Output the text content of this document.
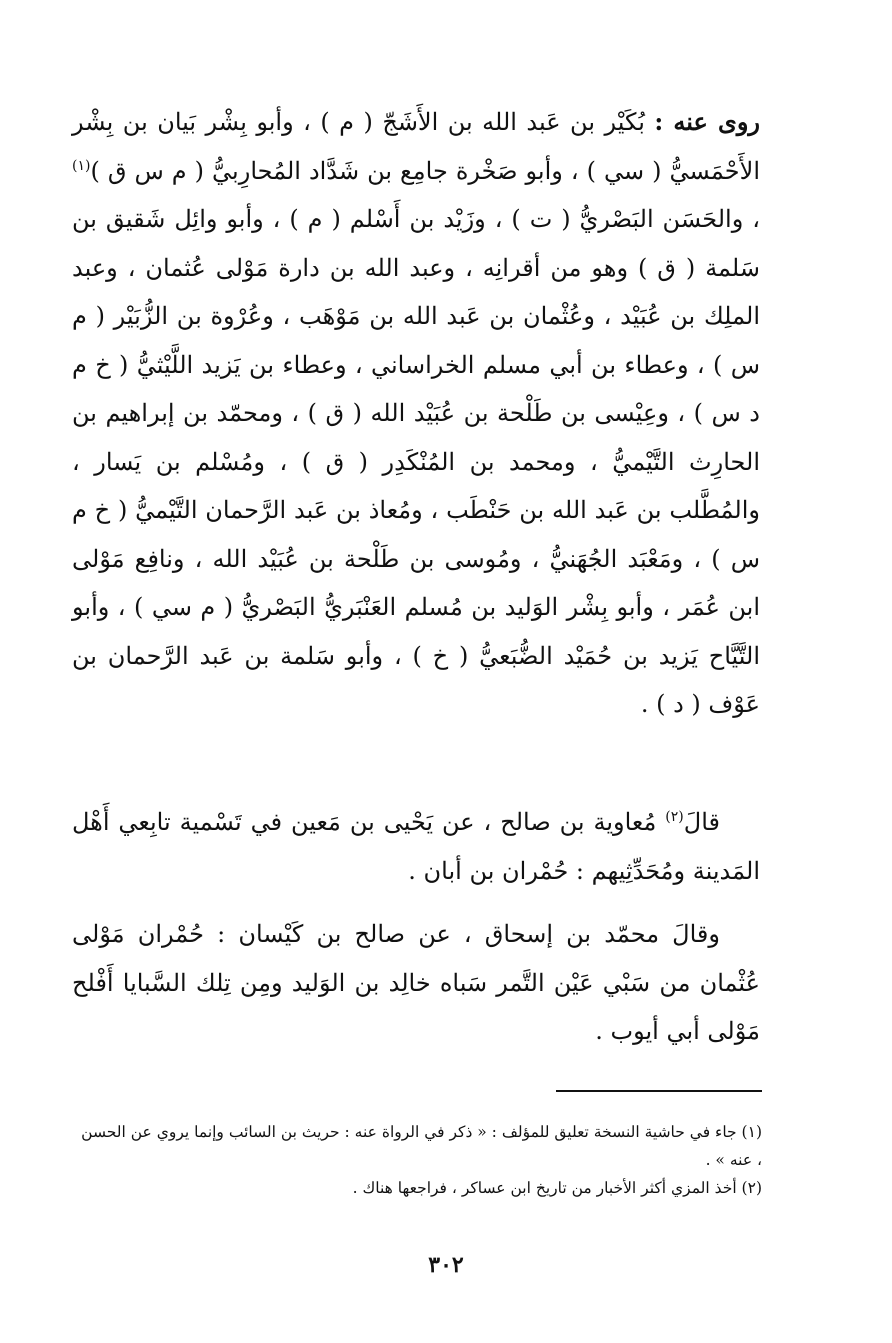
روى عنه : بُكَيْر بن عَبد الله بن الأَشَجّ ( م ) ، وأبو بِشْر بَيان بن بِشْر الأَحْمَسيُّ ( سي ) ، وأبو صَخْرة جامِع بن شَدَّاد المُحارِبيُّ ( م س ق )$^{(١)}$ ، والحَسَن البَصْريُّ ( ت ) ، وزَيْد بن أَسْلم ( م ) ، وأبو وائِل شَقيق بن سَلمة ( ق ) وهو من أقرانِه ، وعبد الله بن دارة مَوْلى عُثمان ، وعبد الملِك بن عُبَيْد ، وعُثْمان بن عَبد الله بن مَوْهَب ، وعُرْوة بن الزُّبَيْر ( م س ) ، وعطاء بن أبي مسلم الخراساني ، وعطاء بن يَزيد اللَّيْثيُّ ( خ م د س ) ، وعِيْسى بن طَلْحة بن عُبَيْد الله ( ق ) ، ومحمّد بن إبراهيم بن الحارِث التَّيْميُّ ، ومحمد بن المُنْكَدِر ( ق ) ، ومُسْلم بن يَسار ، والمُطَّلب بن عَبد الله بن حَنْطَب ، ومُعاذ بن عَبد الرَّحمان التَّيْميُّ ( خ م س ) ، ومَعْبَد الجُهَنيُّ ، ومُوسى بن طَلْحة بن عُبَيْد الله ، ونافِع مَوْلى ابن عُمَر ، وأبو بِشْر الوَليد بن مُسلم العَنْبَريُّ البَصْريُّ ( م سي ) ، وأبو التَّيَّاح يَزيد بن حُمَيْد الضُّبَعيُّ ( خ ) ، وأبو سَلمة بن عَبد الرَّحمان بن عَوْف ( د ) .

قالَ$^{(٢)}$ مُعاوية بن صالح ، عن يَحْيى بن مَعين في تَسْمية تابِعي أَهْل المَدينة ومُحَدِّثِيهم : حُمْران بن أبان .

وقالَ محمّد بن إسحاق ، عن صالح بن كَيْسان : حُمْران مَوْلى عُثْمان من سَبْي عَيْن التَّمر سَباه خالِد بن الوَليد ومِن تِلك السَّبايا أَفْلح مَوْلى أبي أيوب .

(١) جاء في حاشية النسخة تعليق للمؤلف : « ذكر في الرواة عنه : حريث بن السائب وإنما يروي عن الحسن ، عنه » .

(٢) أخذ المزي أكثر الأخبار من تاريخ ابن عساكر ، فراجعها هناك .

٣٠٢
